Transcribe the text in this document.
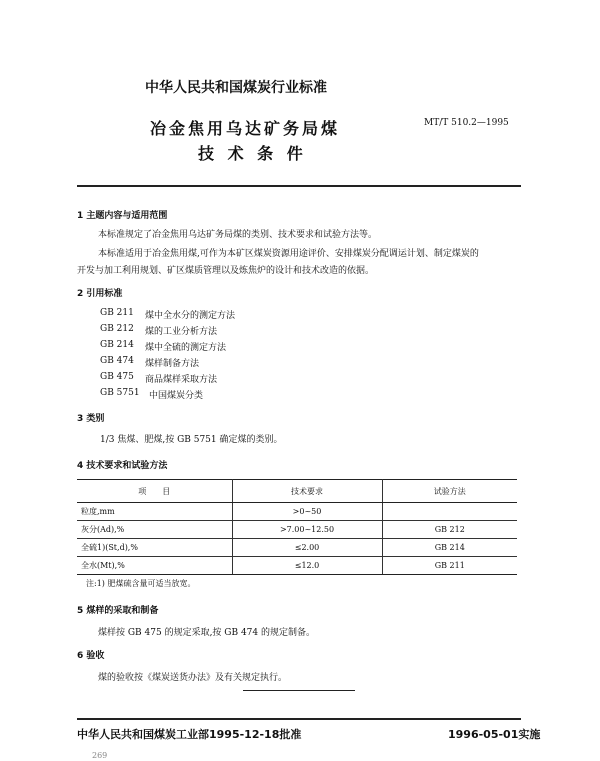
中华人民共和国煤炭行业标准
冶金焦用乌达矿务局煤
技 术 条 件
MT/T 510.2—1995
1 主题内容与适用范围
本标准规定了冶金焦用乌达矿务局煤的类别、技术要求和试验方法等。
本标准适用于冶金焦用煤,可作为本矿区煤炭资源用途评价、安排煤炭分配调运计划、制定煤炭的
开发与加工利用规划、矿区煤质管理以及炼焦炉的设计和技术改造的依据。
2 引用标准
GB 211 煤中全水分的测定方法
GB 212 煤的工业分析方法
GB 214 煤中全硫的测定方法
GB 474 煤样制备方法
GB 475 商品煤样采取方法
GB 5751 中国煤炭分类
3 类别
1/3 焦煤、肥煤,按 GB 5751 确定煤的类别。
4 技术要求和试验方法
项　　目	技术要求	试验方法
粒度,mm	>0~50	
灰分(Ad),%	>7.00~12.50	GB 212
全硫1)(St,d),%	≤2.00	GB 214
全水(Mt),%	≤12.0	GB 211
注:1) 肥煤硫含量可适当放宽。
5 煤样的采取和制备
煤样按 GB 475 的规定采取,按 GB 474 的规定制备。
6 验收
煤的验收按《煤炭送货办法》及有关规定执行。
中华人民共和国煤炭工业部1995-12-18批准	1996-05-01实施
269
